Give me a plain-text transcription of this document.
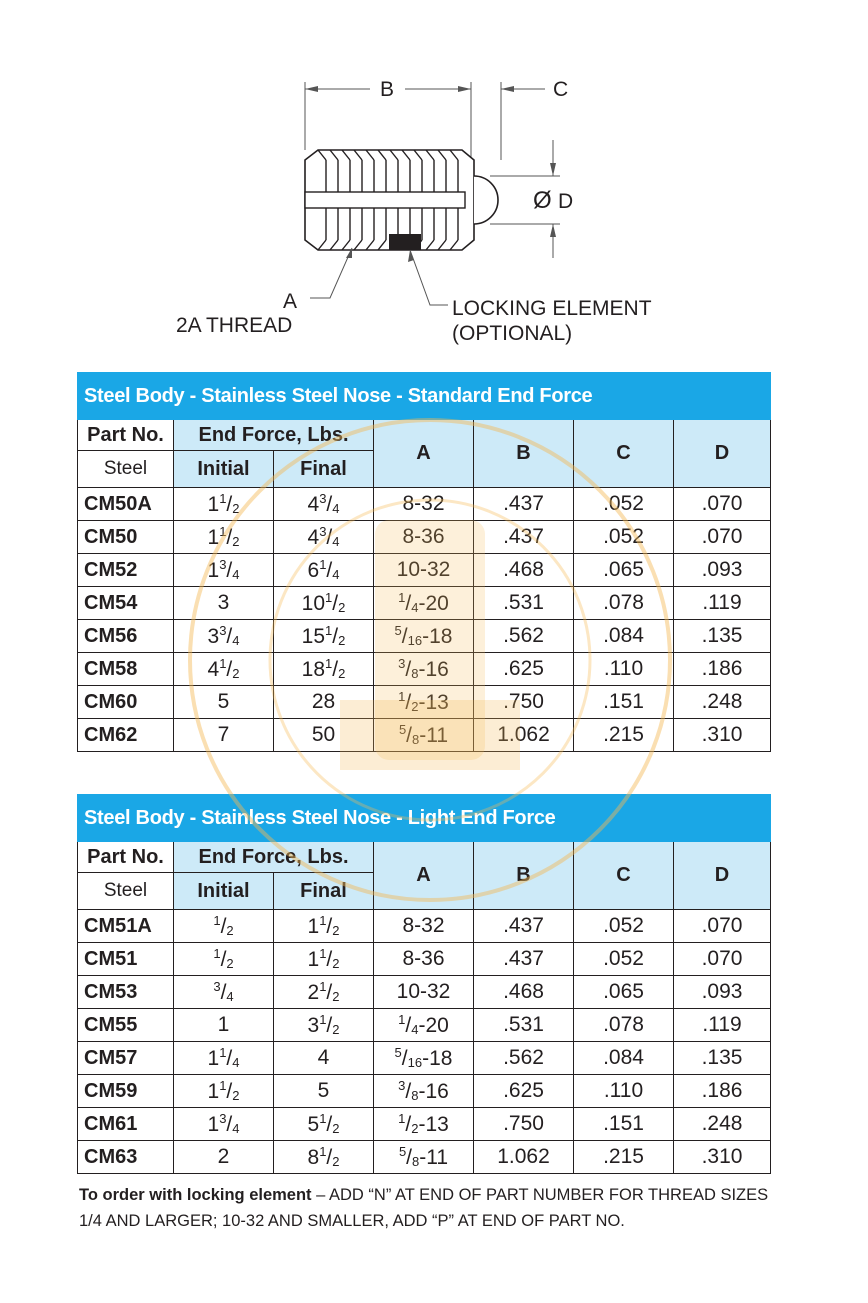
B	C
Ø D
A
2A THREAD
LOCKING ELEMENT
(OPTIONAL)
Steel Body - Stainless Steel Nose - Standard End Force						
Part No.	End Force, Lbs.		A	B	C	D
Steel	Initial	Final				
CM50A	$1^1/2$	$4^3/4$	8-32	.437	.052	.070
CM50	$1^1/2$	$4^3/4$	8-36	.437	.052	.070
CM52	$1^3/4$	$6^1/4$	10-32	.468	.065	.093
CM54	3	$10^1/2$	$^1$/4-20	.531	.078	.119
CM56	$3^3/4$	$15^1/2$	$^5$/16-18	.562	.084	.135
CM58	$4^1/2$	$18^1/2$	$^3$/8-16	.625	.110	.186
CM60	5	28	$^1$/2-13	.750	.151	.248
CM62	7	50	$^5$/8-11	1.062	.215	.310
Steel Body - Stainless Steel Nose - Light End Force						
Part No.	End Force, Lbs.		A	B	C	D
Steel	Initial	Final				
CM51A	$^1$/2	$1^1/2$	8-32	.437	.052	.070
CM51	$^1$/2	$1^1/2$	8-36	.437	.052	.070
CM53	$^3$/4	$2^1/2$	10-32	.468	.065	.093
CM55	1	$3^1/2$	$^1$/4-20	.531	.078	.119
CM57	$1^1/4$	4	$^5$/16-18	.562	.084	.135
CM59	$1^1/2$	5	$^3$/8-16	.625	.110	.186
CM61	$1^3/4$	$5^1/2$	$^1$/2-13	.750	.151	.248
CM63	2	$8^1/2$	$^5$/8-11	1.062	.215	.310
To order with locking element – ADD “N” AT END OF PART NUMBER FOR THREAD SIZES 1/4 AND LARGER; 10-32 AND SMALLER, ADD “P” AT END OF PART NO.
